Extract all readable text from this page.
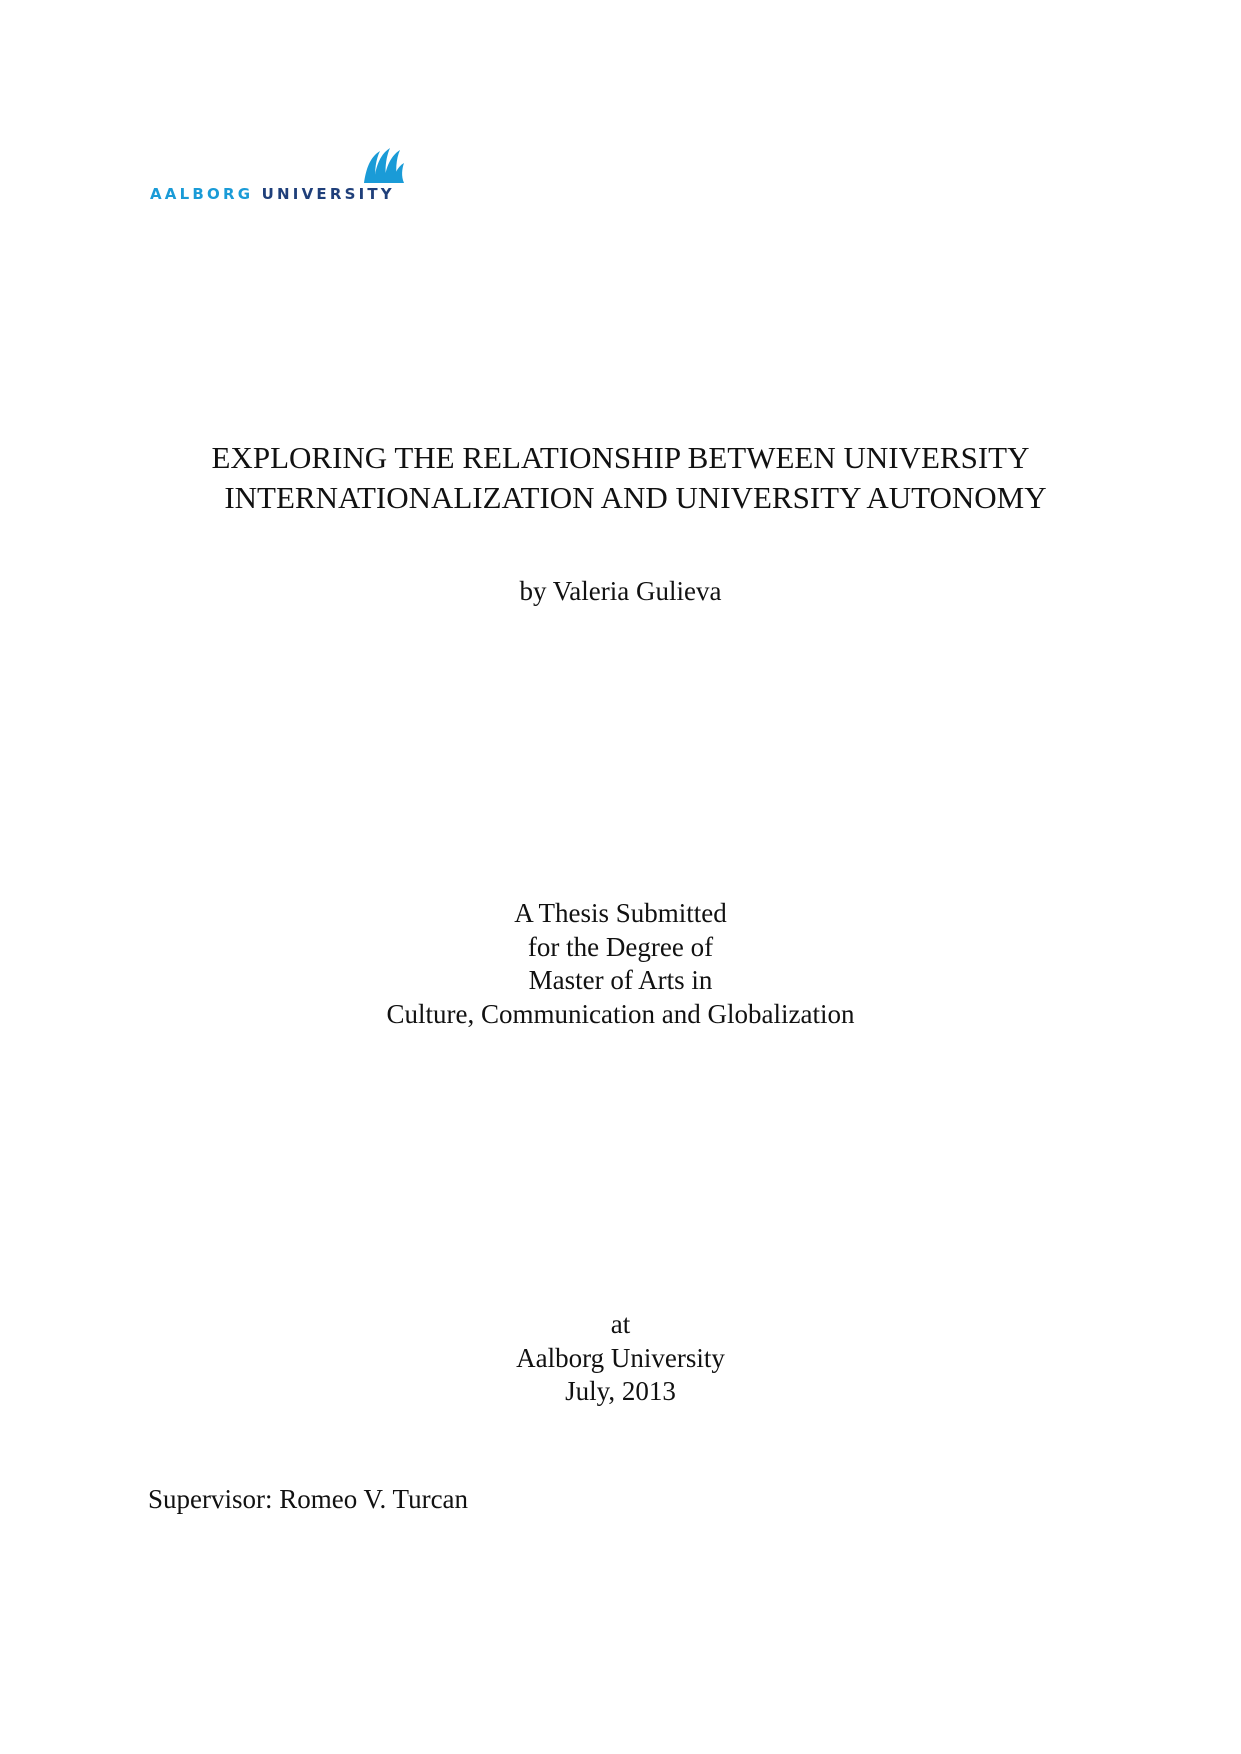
AALBORG UNIVERSITY
EXPLORING THE RELATIONSHIP BETWEEN UNIVERSITY
INTERNATIONALIZATION AND UNIVERSITY AUTONOMY
by Valeria Gulieva
A Thesis Submitted
for the Degree of
Master of Arts in
Culture, Communication and Globalization
at
Aalborg University
July, 2013
Supervisor: Romeo V. Turcan
